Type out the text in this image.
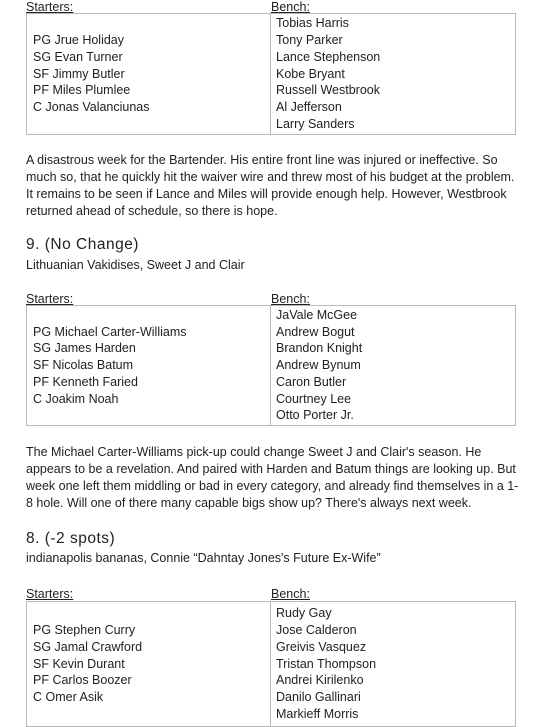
Starters:	Bench:
PG Jrue Holiday
SG Evan Turner
SF Jimmy Butler
PF Miles Plumlee
C Jonas Valanciunas

Tobias Harris
Tony Parker
Lance Stephenson
Kobe Bryant
Russell Westbrook
Al Jefferson
Larry Sanders

A disastrous week for the Bartender. His entire front line was injured or ineffective. So much so, that he quickly hit the waiver wire and threw most of his budget at the problem. It remains to be seen if Lance and Miles will provide enough help. However, Westbrook returned ahead of schedule, so there is hope.

9. (No Change)

Lithuanian Vakidises, Sweet J and Clair

Starters:	Bench:
PG Michael Carter-Williams
SG James Harden
SF Nicolas Batum
PF Kenneth Faried
C Joakim Noah

JaVale McGee
Andrew Bogut
Brandon Knight
Andrew Bynum
Caron Butler
Courtney Lee
Otto Porter Jr.

The Michael Carter-Williams pick-up could change Sweet J and Clair's season. He appears to be a revelation. And paired with Harden and Batum things are looking up. But week one left them middling or bad in every category, and already find themselves in a 1-8 hole. Will one of there many capable bigs show up? There's always next week.

8. (-2 spots)

indianapolis bananas, Connie “Dahntay Jones's Future Ex-Wife”

Starters:	Bench:
PG Stephen Curry
SG Jamal Crawford
SF Kevin Durant
PF Carlos Boozer
C Omer Asik

Rudy Gay
Jose Calderon
Greivis Vasquez
Tristan Thompson
Andrei Kirilenko
Danilo Gallinari
Markieff Morris
